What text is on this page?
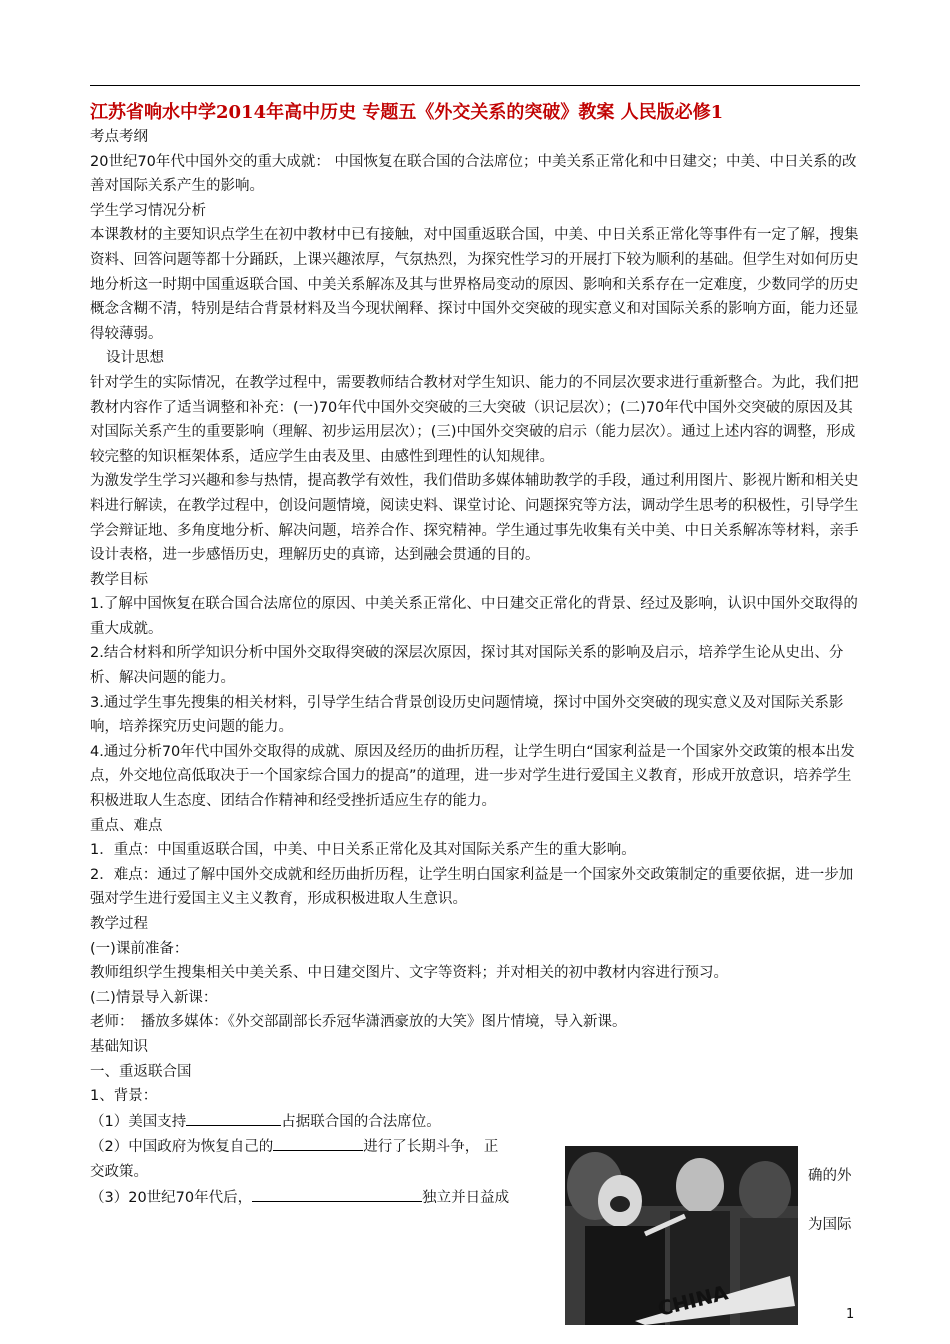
江苏省响水中学2014年高中历史 专题五《外交关系的突破》教案 人民版必修1

考点考纲

20世纪70年代中国外交的重大成就： 中国恢复在联合国的合法席位；中美关系正常化和中日建交；中美、中日关系的改善对国际关系产生的影响。

学生学习情况分析

本课教材的主要知识点学生在初中教材中已有接触，对中国重返联合国，中美、中日关系正常化等事件有一定了解，搜集资料、回答问题等都十分踊跃，上课兴趣浓厚，气氛热烈，为探究性学习的开展打下较为顺利的基础。但学生对如何历史地分析这一时期中国重返联合国、中美关系解冻及其与世界格局变动的原因、影响和关系存在一定难度，少数同学的历史概念含糊不清，特别是结合背景材料及当今现状阐释、探讨中国外交突破的现实意义和对国际关系的影响方面，能力还显得较薄弱。

设计思想

针对学生的实际情况，在教学过程中，需要教师结合教材对学生知识、能力的不同层次要求进行重新整合。为此，我们把教材内容作了适当调整和补充：(一)70年代中国外交突破的三大突破（识记层次）；(二)70年代中国外交突破的原因及其对国际关系产生的重要影响（理解、初步运用层次）；(三)中国外交突破的启示（能力层次）。通过上述内容的调整，形成较完整的知识框架体系，适应学生由表及里、由感性到理性的认知规律。

为激发学生学习兴趣和参与热情，提高教学有效性，我们借助多媒体辅助教学的手段，通过利用图片、影视片断和相关史料进行解读，在教学过程中，创设问题情境，阅读史料、课堂讨论、问题探究等方法，调动学生思考的积极性，引导学生学会辩证地、多角度地分析、解决问题，培养合作、探究精神。学生通过事先收集有关中美、中日关系解冻等材料，亲手设计表格，进一步感悟历史，理解历史的真谛，达到融会贯通的目的。

教学目标

1.了解中国恢复在联合国合法席位的原因、中美关系正常化、中日建交正常化的背景、经过及影响，认识中国外交取得的重大成就。

2.结合材料和所学知识分析中国外交取得突破的深层次原因，探讨其对国际关系的影响及启示，培养学生论从史出、分析、解决问题的能力。

3.通过学生事先搜集的相关材料，引导学生结合背景创设历史问题情境，探讨中国外交突破的现实意义及对国际关系影响，培养探究历史问题的能力。

4.通过分析70年代中国外交取得的成就、原因及经历的曲折历程，让学生明白“国家利益是一个国家外交政策的根本出发点，外交地位高低取决于一个国家综合国力的提高”的道理，进一步对学生进行爱国主义教育，形成开放意识，培养学生积极进取人生态度、团结合作精神和经受挫折适应生存的能力。

重点、难点

1．重点：中国重返联合国，中美、中日关系正常化及其对国际关系产生的重大影响。

2．难点：通过了解中国外交成就和经历曲折历程，让学生明白国家利益是一个国家外交政策制定的重要依据，进一步加强对学生进行爱国主义主义教育，形成积极进取人生意识。

教学过程

(一)课前准备：

教师组织学生搜集相关中美关系、中日建交图片、文字等资料；并对相关的初中教材内容进行预习。

(二)情景导入新课：

老师：　播放多媒体：《外交部副部长乔冠华潇洒豪放的大笑》图片情境，导入新课。

基础知识

一、重返联合国

1、背景：

（1）美国支持	占据联合国的合法席位。

（2）中国政府为恢复自己的	进行了长期斗争， 正

交政策。

（3）20世纪70年代后，	独立并日益成

确的外
为国际
CHINA	1
